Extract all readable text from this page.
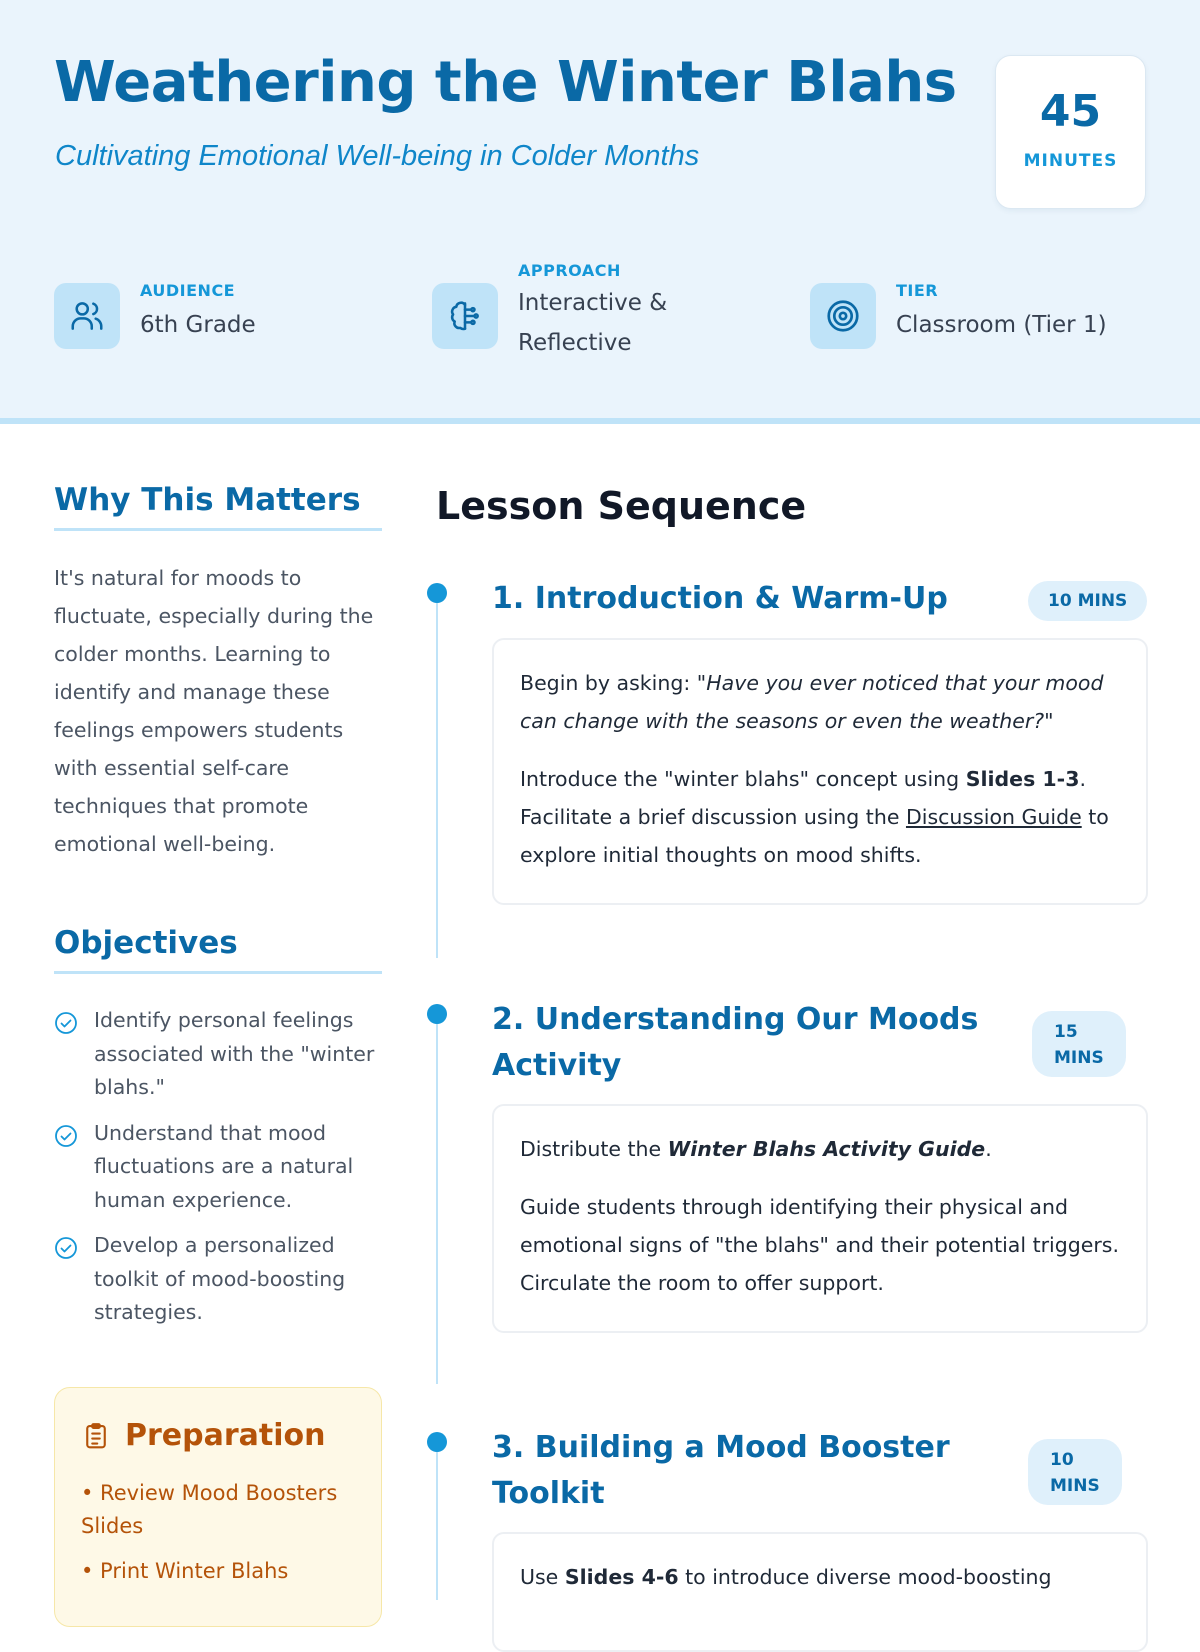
Weathering the Winter Blahs
Cultivating Emotional Well-being in Colder Months
45
MINUTES
AUDIENCE
6th Grade
APPROACH
Interactive &
Reflective
TIER
Classroom (Tier 1)
Why This Matters

It's natural for moods to fluctuate, especially during the colder months. Learning to identify and manage these feelings empowers students with essential self-care techniques that promote emotional well-being.

Objectives
Identify personal feelings associated with the "winter blahs."
Understand that mood fluctuations are a natural human experience.
Develop a personalized toolkit of mood-boosting strategies.
Preparation
• Review Mood Boosters Slides
• Print Winter Blahs
Lesson Sequence
1. Introduction & Warm-Up	10 MINS

Begin by asking: "Have you ever noticed that your mood can change with the seasons or even the weather?"

Introduce the "winter blahs" concept using Slides 1-3. Facilitate a brief discussion using the Discussion Guide to explore initial thoughts on mood shifts.

2. Understanding Our Moods
Activity
15
MINS

Distribute the Winter Blahs Activity Guide.

Guide students through identifying their physical and emotional signs of "the blahs" and their potential triggers. Circulate the room to offer support.

3. Building a Mood Booster
Toolkit
10
MINS

Use Slides 4-6 to introduce diverse mood-boosting
